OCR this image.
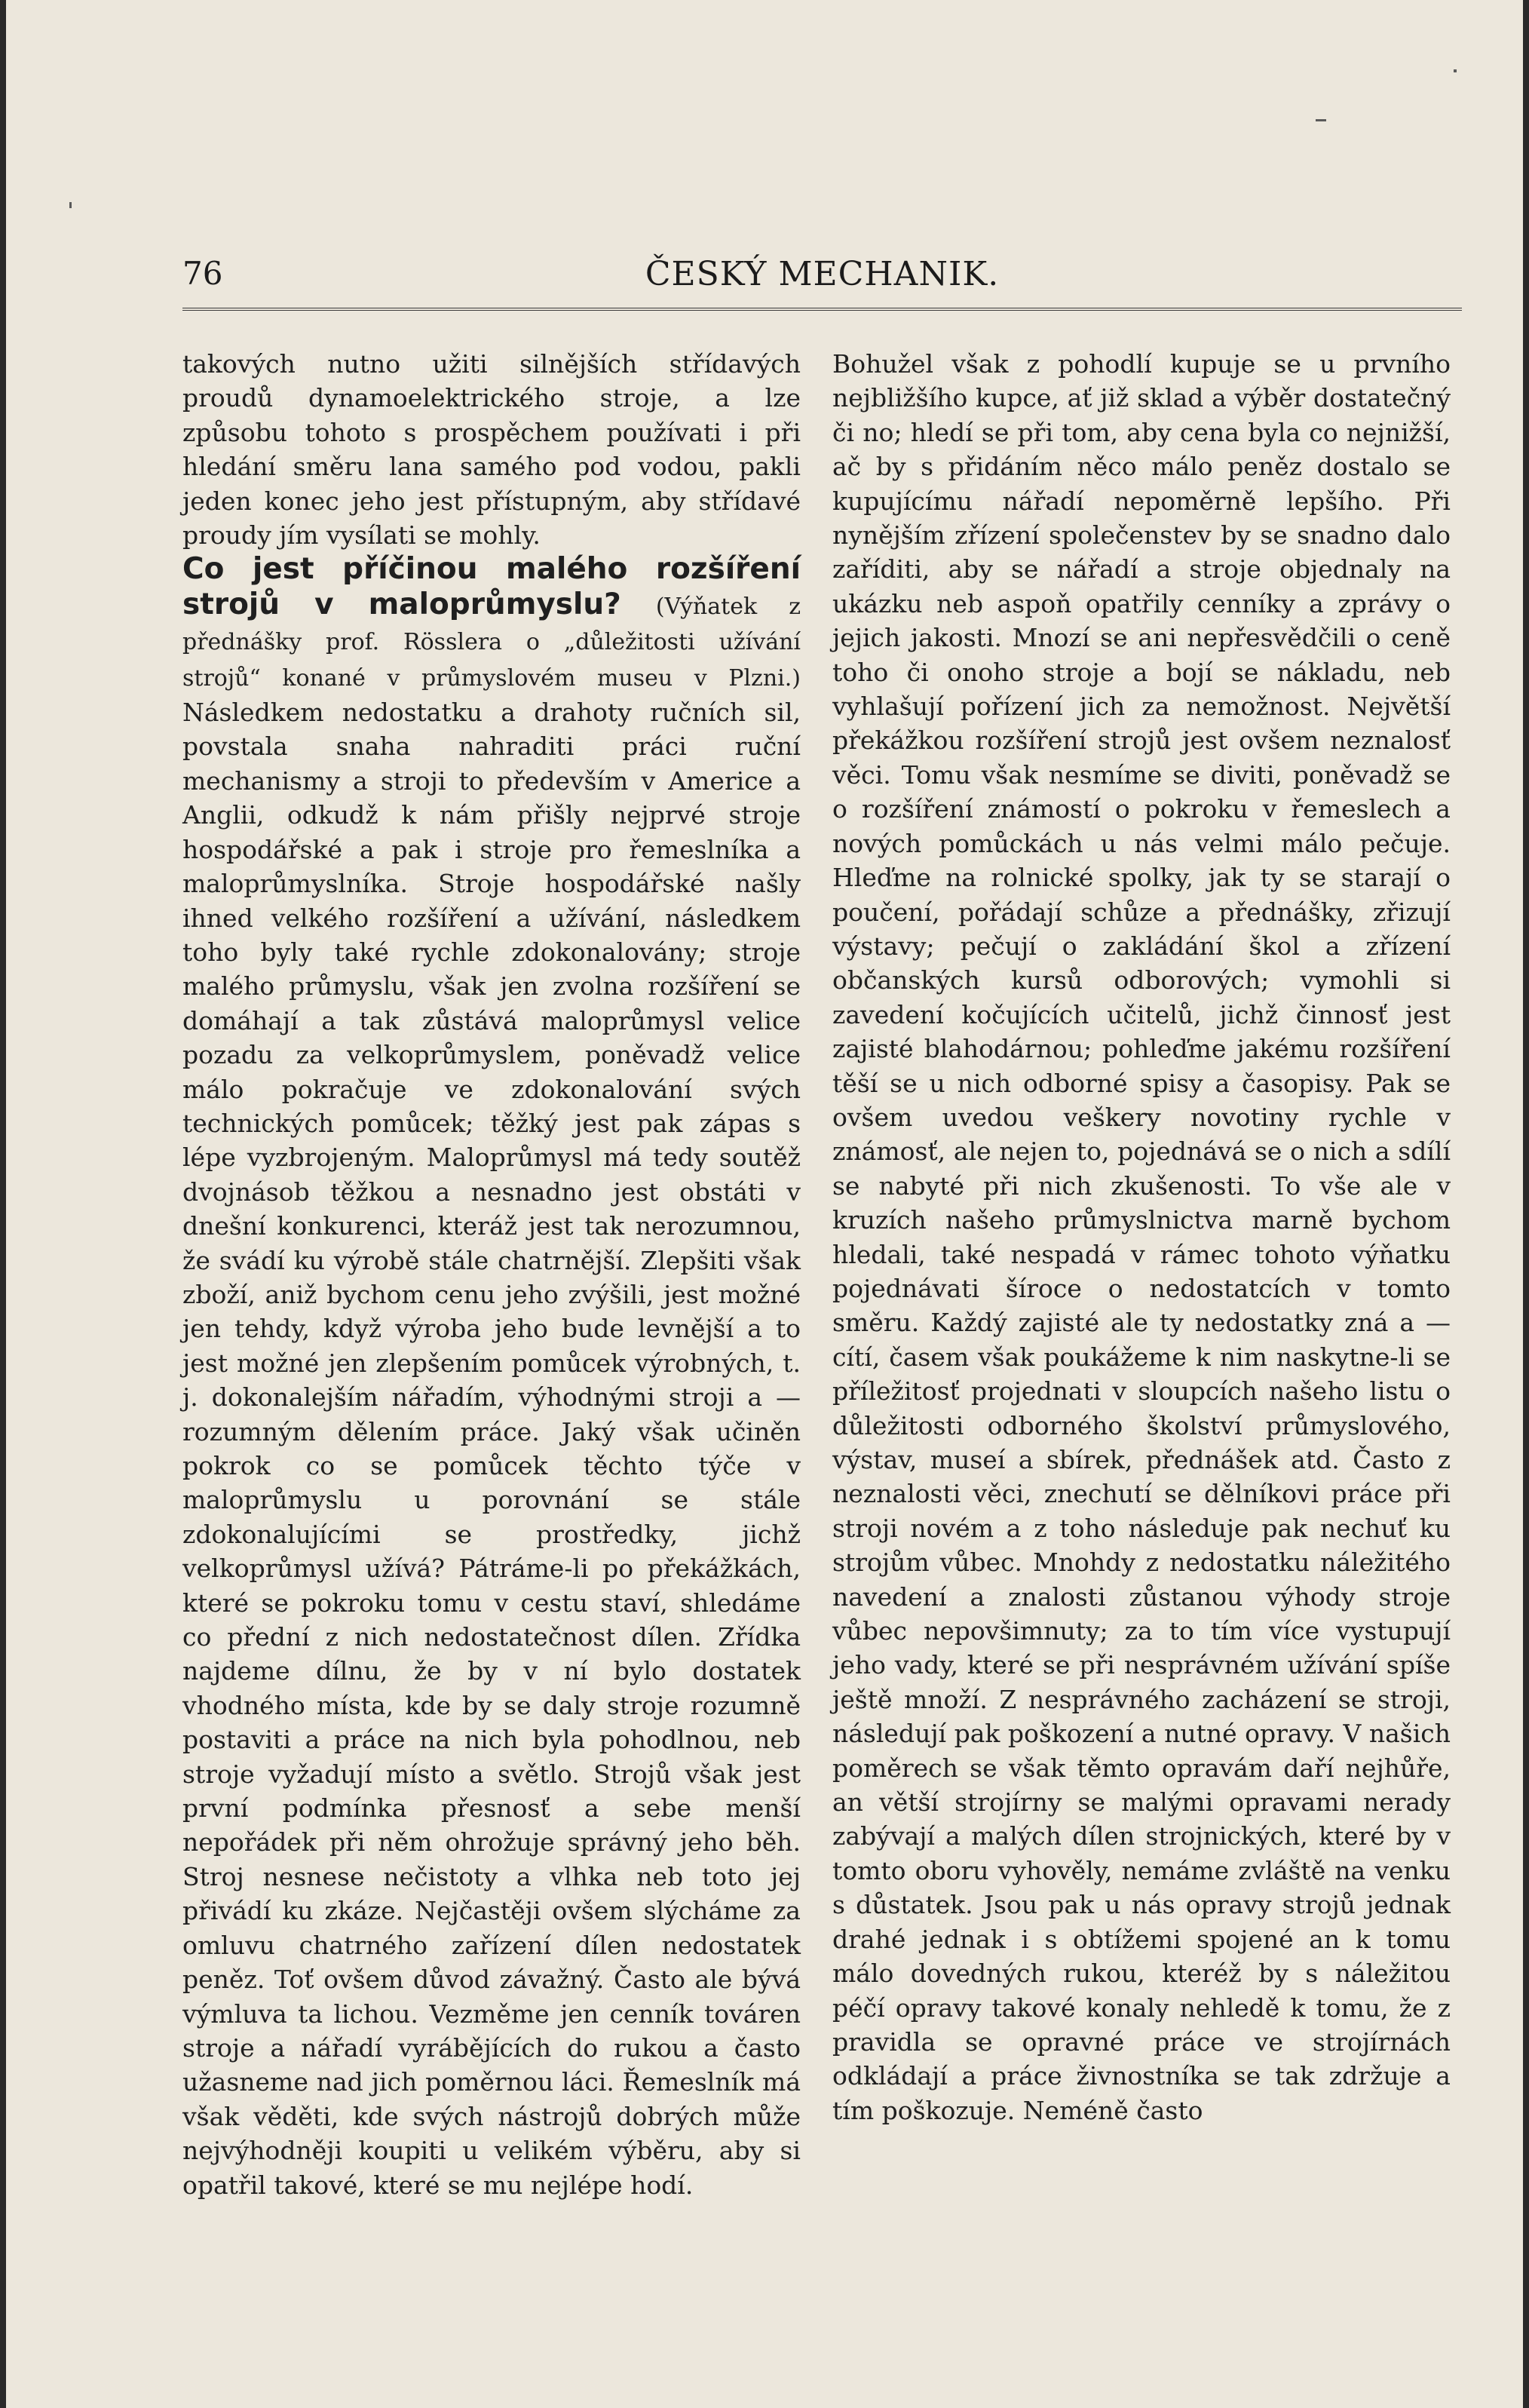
76	ČESKÝ MECHANIK.

takových nutno užiti silnějších střídavých proudů dynamoelektrického stroje, a lze způsobu tohoto s prospěchem používati i při hledání směru lana samého pod vodou, pakli jeden konec jeho jest přístupným, aby střídavé proudy jím vysílati se mohly.

Co jest příčinou malého rozšíření strojů v maloprůmyslu? (Výňatek z přednášky prof. Rösslera o „důležitosti užívání strojů“ konané v průmyslovém museu v Plzni.) Následkem nedostatku a drahoty ručních sil, povstala snaha nahraditi práci ruční mechanismy a stroji to především v Americe a Anglii, odkudž k nám přišly nejprvé stroje hospodářské a pak i stroje pro řemeslníka a maloprůmyslníka. Stroje hospodářské našly ihned velkého rozšíření a užívání, následkem toho byly také rychle zdokonalovány; stroje malého průmyslu, však jen zvolna rozšíření se domáhají a tak zůstává maloprůmysl velice pozadu za velkoprůmyslem, poněvadž velice málo pokračuje ve zdokonalování svých technických pomůcek; těžký jest pak zápas s lépe vyzbrojeným. Maloprůmysl má tedy soutěž dvojnásob těžkou a nesnadno jest obstáti v dnešní konkurenci, kteráž jest tak nerozumnou, že svádí ku výrobě stále chatrnější. Zlepšiti však zboží, aniž bychom cenu jeho zvýšili, jest možné jen tehdy, když výroba jeho bude levnější a to jest možné jen zlepšením pomůcek výrobných, t. j. dokonalejším nářadím, výhodnými stroji a — rozumným dělením práce. Jaký však učiněn pokrok co se pomůcek těchto týče v maloprůmyslu u porovnání se stále zdokonalujícími se prostředky, jichž velkoprůmysl užívá? Pátráme-li po překážkách, které se pokroku tomu v cestu staví, shledáme co přední z nich nedostatečnost dílen. Zřídka najdeme dílnu, že by v ní bylo dostatek vhodného místa, kde by se daly stroje rozumně postaviti a práce na nich byla pohodlnou, neb stroje vyžadují místo a světlo. Strojů však jest první podmínka přesnosť a sebe menší nepořádek při něm ohrožuje správný jeho běh. Stroj nesnese nečistoty a vlhka neb toto jej přivádí ku zkáze. Nejčastěji ovšem slýcháme za omluvu chatrného zařízení dílen nedostatek peněz. Toť ovšem důvod závažný. Často ale bývá výmluva ta lichou. Vezměme jen cenník továren stroje a nářadí vyrábějících do rukou a často užasneme nad jich poměrnou láci. Řemeslník má však věděti, kde svých nástrojů dobrých může nejvýhodněji koupiti u velikém výběru, aby si opatřil takové, které se mu nejlépe hodí.

Bohužel však z pohodlí kupuje se u prvního nejbližšího kupce, ať již sklad a výběr dostatečný či no; hledí se při tom, aby cena byla co nejnižší, ač by s přidáním něco málo peněz dostalo se kupujícímu nářadí nepoměrně lepšího. Při nynějším zřízení společenstev by se snadno dalo zaříditi, aby se nářadí a stroje objednaly na ukázku neb aspoň opatřily cenníky a zprávy o jejich jakosti. Mnozí se ani nepřesvědčili o ceně toho či onoho stroje a bojí se nákladu, neb vyhlašují pořízení jich za nemožnost. Největší překážkou rozšíření strojů jest ovšem neznalosť věci. Tomu však nesmíme se diviti, poněvadž se o rozšíření známostí o pokroku v řemeslech a nových pomůckách u nás velmi málo pečuje. Hleďme na rolnické spolky, jak ty se starají o poučení, pořádají schůze a přednášky, zřizují výstavy; pečují o zakládání škol a zřízení občanských kursů odborových; vymohli si zavedení kočujících učitelů, jichž činnosť jest zajisté blahodárnou; pohleďme jakému rozšíření těší se u nich odborné spisy a časopisy. Pak se ovšem uvedou veškery novotiny rychle v známosť, ale nejen to, pojednává se o nich a sdílí se nabyté při nich zkušenosti. To vše ale v kruzích našeho průmyslnictva marně bychom hledali, také nespadá v rámec tohoto výňatku pojednávati šíroce o nedostatcích v tomto směru. Každý zajisté ale ty nedostatky zná a — cítí, časem však poukážeme k nim naskytne-li se příležitosť projednati v sloupcích našeho listu o důležitosti odborného školství průmyslového, výstav, museí a sbírek, přednášek atd. Často z neznalosti věci, znechutí se dělníkovi práce při stroji novém a z toho následuje pak nechuť ku strojům vůbec. Mnohdy z nedostatku náležitého navedení a znalosti zůstanou výhody stroje vůbec nepovšimnuty; za to tím více vystupují jeho vady, které se při nesprávném užívání spíše ještě množí. Z nesprávného zacházení se stroji, následují pak poškození a nutné opravy. V našich poměrech se však těmto opravám daří nejhůře, an větší strojírny se malými opravami nerady zabývají a malých dílen strojnických, které by v tomto oboru vyhověly, nemáme zvláště na venku s důstatek. Jsou pak u nás opravy strojů jednak drahé jednak i s obtížemi spojené an k tomu málo dovedných rukou, kteréž by s náležitou péčí opravy takové konaly nehledě k tomu, že z pravidla se opravné práce ve strojírnách odkládají a práce živnostníka se tak zdržuje a tím poškozuje. Neméně často
